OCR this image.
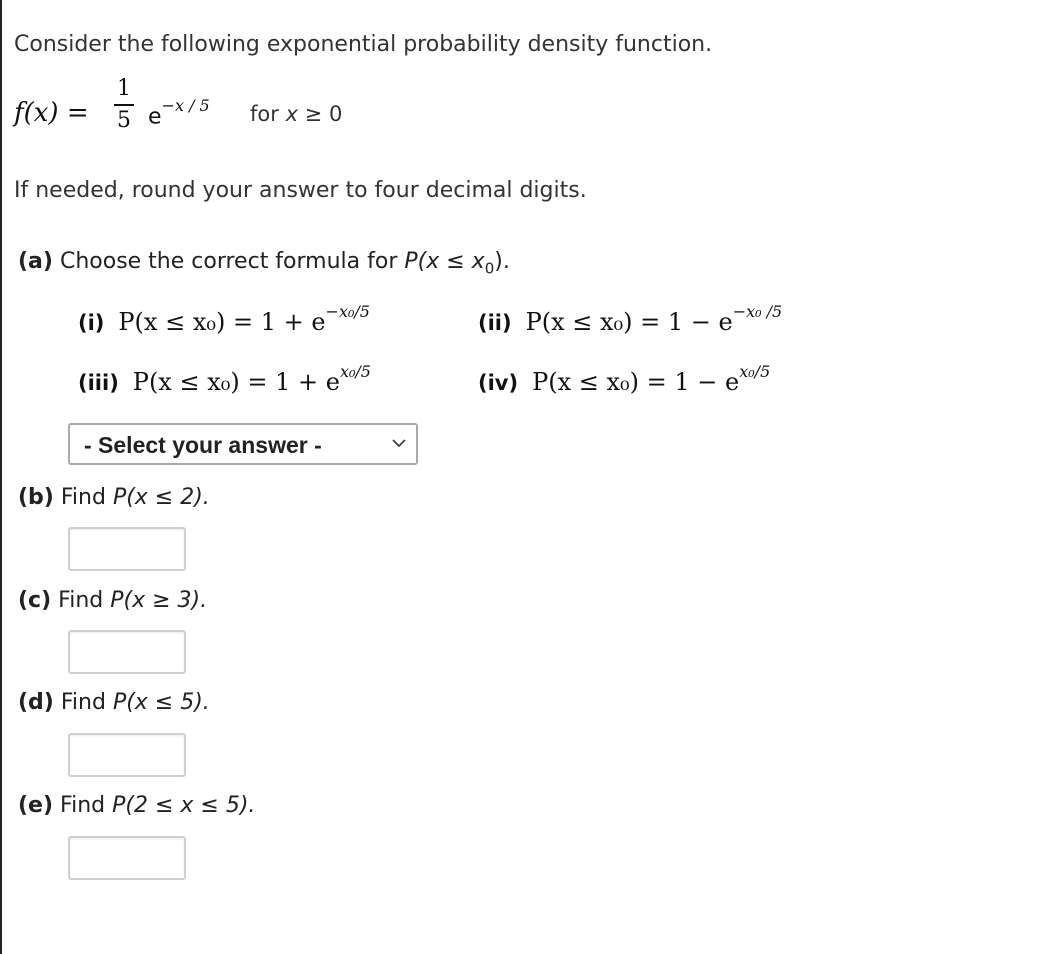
Consider the following exponential probability density function.
f(x) =
1
5 $e^{-x / 5}$ for x ≥ 0
If needed, round your answer to four decimal digits.
(a) Choose the correct formula for $P(x \le x_0)$.
(i) $P(x \le x_0) = 1 + e^{-x_0/5}$	(ii) $P(x \le x_0) = 1 - e^{-x_0 /5}$
(iii) $P(x \le x_0) = 1 + e^{x_0/5}$	(iv) $P(x \le x_0) = 1 - e^{x_0/5}$
- Select your answer -
(b) Find P(x ≤ 2).
(c) Find P(x ≥ 3).
(d) Find P(x ≤ 5).
(e) Find P(2 ≤ x ≤ 5).
